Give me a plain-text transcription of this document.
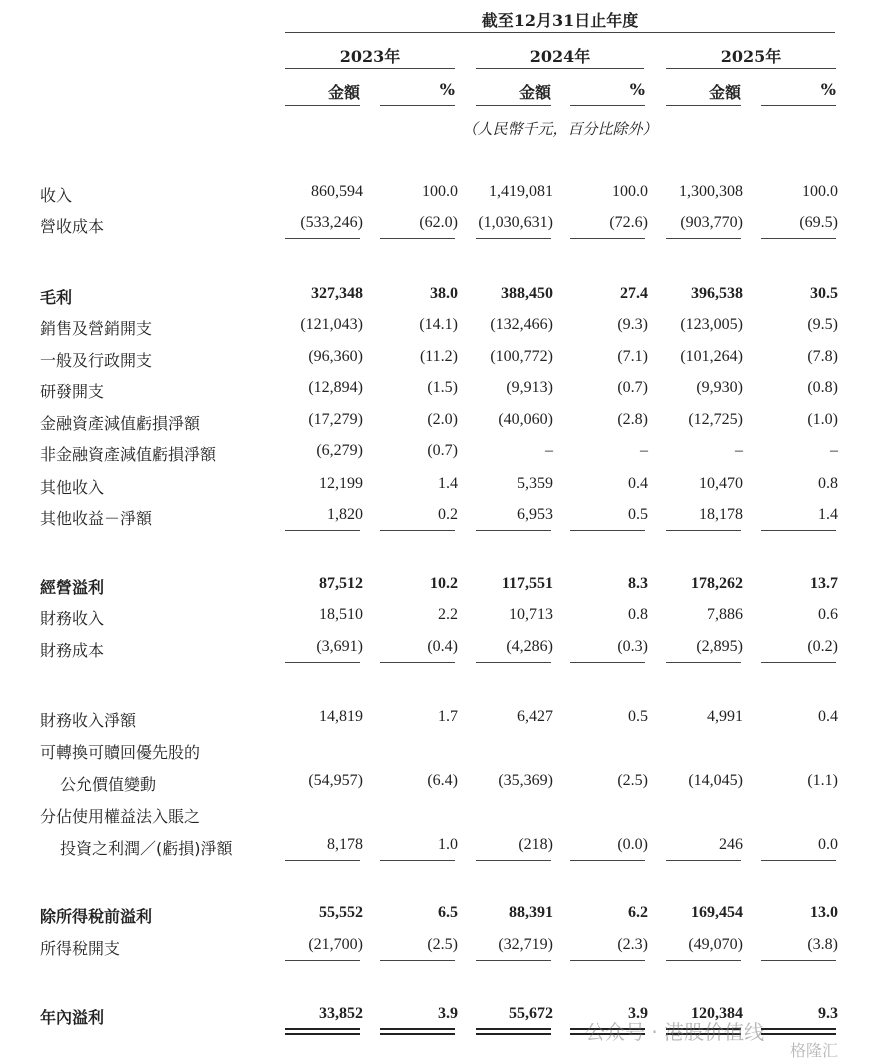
截至12月31日止年度
2023年	2024年	2025年
金額	%	金額	%	金額	%
（人民幣千元，百分比除外）
收入	860,594	100.0 1,419,081	100.0 1,300,308	100.0
營收成本	(533,246)	(62.0) (1,030,631)	(72.6) (903,770)	(69.5)
毛利	327,348	38.0	388,450	27.4	396,538	30.5
銷售及營銷開支	(121,043)	(14.1) (132,466)	(9.3) (123,005)	(9.5)
一般及行政開支	(96,360)	(11.2) (100,772)	(7.1) (101,264)	(7.8)
研發開支	(12,894)	(1.5)	(9,913)	(0.7)	(9,930)	(0.8)
金融資產減值虧損淨額	(17,279)	(2.0)	(40,060)	(2.8)	(12,725)	(1.0)
非金融資產減值虧損淨額	(6,279)	(0.7)	–	–	–	–
其他收入	12,199	1.4	5,359	0.4	10,470	0.8
其他收益－淨額	1,820	0.2	6,953	0.5	18,178	1.4
經營溢利	87,512	10.2	117,551	8.3	178,262	13.7
財務收入	18,510	2.2	10,713	0.8	7,886	0.6
財務成本	(3,691)	(0.4)	(4,286)	(0.3)	(2,895)	(0.2)
財務收入淨額	14,819	1.7	6,427	0.5	4,991	0.4
可轉換可贖回優先股的
公允價值變動	(54,957)	(6.4)	(35,369)	(2.5)	(14,045)	(1.1)
分佔使用權益法入賬之
投資之利潤／(虧損)淨額	8,178	1.0	(218)	(0.0)	246	0.0
除所得稅前溢利	55,552	6.5	88,391	6.2	169,454	13.0
所得稅開支	(21,700)	(2.5)	(32,719)	(2.3)	(49,070)	(3.8)
年內溢利	33,852	3.9	55,672	3.9	120,384	9.3
公众号 · 港股价值线
格隆汇
